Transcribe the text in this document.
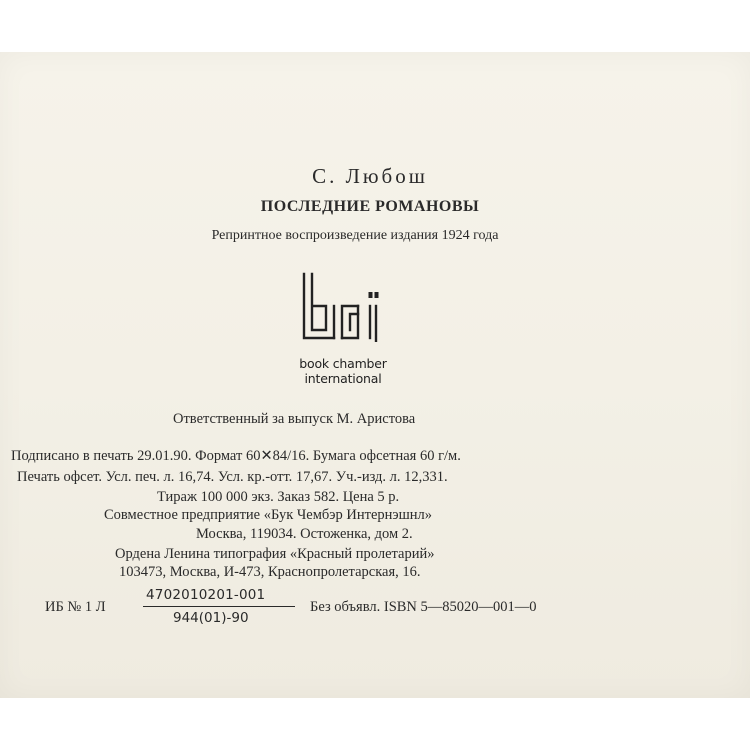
С. Любош
ПОСЛЕДНИЕ РОМАНОВЫ
Репринтное воспроизведение издания 1924 года
book chamber
international
Ответственный за выпуск М. Аристова
Подписано в печать 29.01.90. Формат 60✕84/16. Бумага офсетная 60 г/м.
Печать офсет. Усл. печ. л. 16,74. Усл. кр.-отт. 17,67. Уч.-изд. л. 12,331.
Тираж 100 000 экз. Заказ 582. Цена 5 р.
Совместное предприятие «Бук Чембэр Интернэшнл»
Москва, 119034. Остоженка, дом 2.
Ордена Ленина типография «Красный пролетарий»
103473, Москва, И-473, Краснопролетарская, 16.
ИБ № 1 Л
4702010201-001
944(01)-90
Без объявл. ISBN 5—85020—001—0
